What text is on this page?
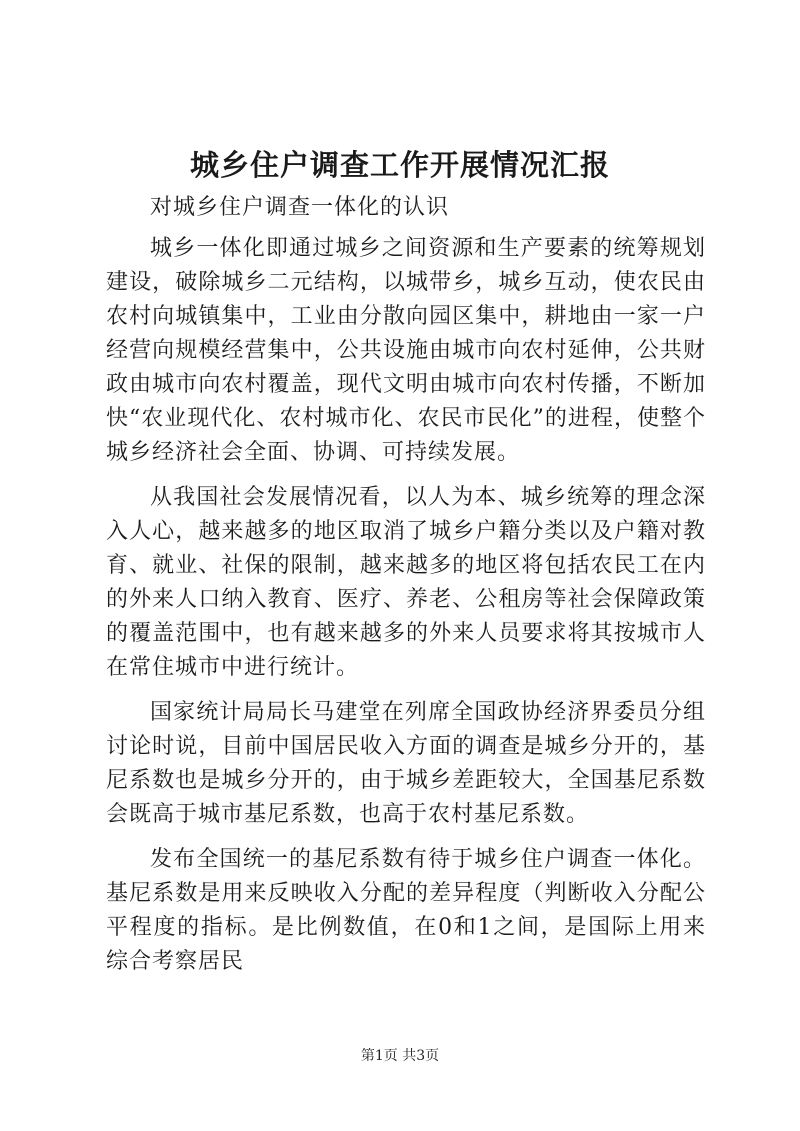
城乡住户调查工作开展情况汇报

对城乡住户调查一体化的认识

城乡一体化即通过城乡之间资源和生产要素的统筹规划建设，破除城乡二元结构，以城带乡，城乡互动，使农民由农村向城镇集中，工业由分散向园区集中，耕地由一家一户经营向规模经营集中，公共设施由城市向农村延伸，公共财政由城市向农村覆盖，现代文明由城市向农村传播，不断加快“农业现代化、农村城市化、农民市民化”的进程，使整个城乡经济社会全面、协调、可持续发展。

从我国社会发展情况看，以人为本、城乡统筹的理念深入人心，越来越多的地区取消了城乡户籍分类以及户籍对教育、就业、社保的限制，越来越多的地区将包括农民工在内的外来人口纳入教育、医疗、养老、公租房等社会保障政策的覆盖范围中，也有越来越多的外来人员要求将其按城市人在常住城市中进行统计。

国家统计局局长马建堂在列席全国政协经济界委员分组讨论时说，目前中国居民收入方面的调查是城乡分开的，基尼系数也是城乡分开的，由于城乡差距较大，全国基尼系数会既高于城市基尼系数，也高于农村基尼系数。

发布全国统一的基尼系数有待于城乡住户调查一体化。基尼系数是用来反映收入分配的差异程度（判断收入分配公平程度的指标。是比例数值，在0和1之间，是国际上用来综合考察居民

第1页 共3页
